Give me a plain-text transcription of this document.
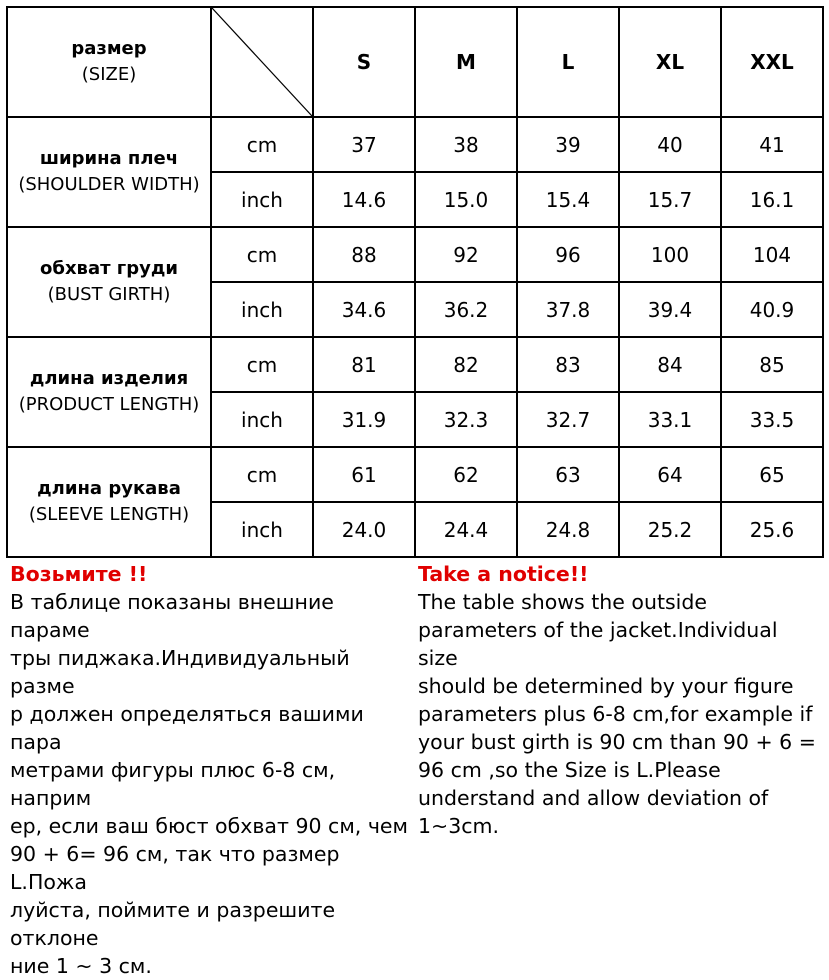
размер
(SIZE)		S	M	L	XL	XXL

ширина плеч
(SHOULDER WIDTH)	cm	37	38	39	40	41
	inch	14.6	15.0	15.4	15.7	16.1

обхват груди
(BUST GIRTH)	cm	88	92	96	100	104
	inch	34.6	36.2	37.8	39.4	40.9

длина изделия
(PRODUCT LENGTH)	cm	81	82	83	84	85
	inch	31.9	32.3	32.7	33.1	33.5

длина рукава
(SLEEVE LENGTH)	cm	61	62	63	64	65
	inch	24.0	24.4	24.8	25.2	25.6
Возьмите !!
В таблице показаны внешние параме
тры пиджака.Индивидуальный разме
р должен определяться вашими пара
метрами фигуры плюс 6-8 см, наприм
ер, если ваш бюст обхват 90 см, чем
90 + 6= 96 см, так что размер L.Пожа
луйста, поймите и разрешите отклоне
ние 1 ~ 3 см.
Take a notice!!
The table shows the outside
parameters of the jacket.Individual size
should be determined by your figure
parameters plus 6-8 cm,for example if
your bust girth is 90 cm than 90 + 6 =
96 cm ,so the Size is L.Please
understand and allow deviation of
1~3cm.
